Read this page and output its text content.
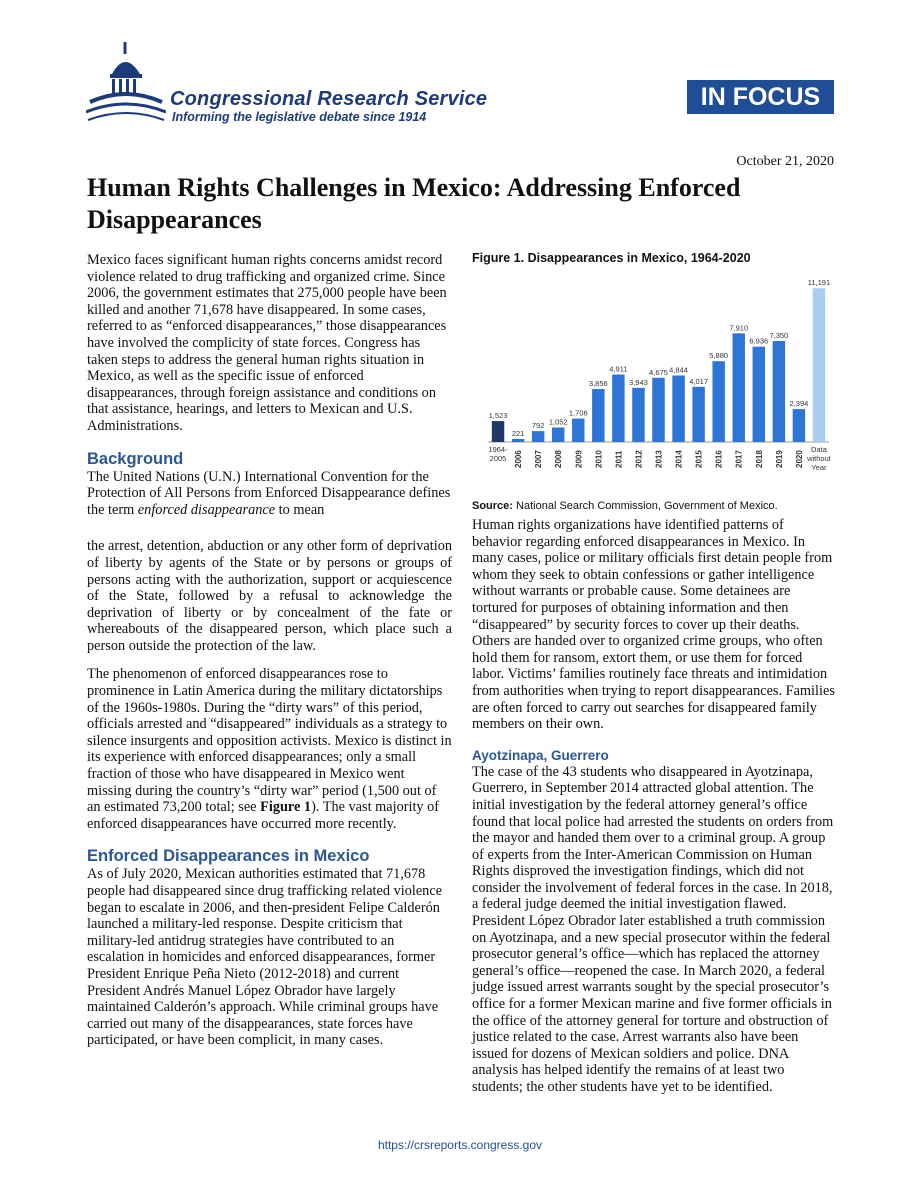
Congressional Research Service
Informing the legislative debate since 1914
IN FOCUS
October 21, 2020
Human Rights Challenges in Mexico: Addressing Enforced Disappearances

Mexico faces significant human rights concerns amidst record violence related to drug trafficking and organized crime. Since 2006, the government estimates that 275,000 people have been killed and another 71,678 have disappeared. In some cases, referred to as “enforced disappearances,” those disappearances have involved the complicity of state forces. Congress has taken steps to address the general human rights situation in Mexico, as well as the specific issue of enforced disappearances, through foreign assistance and conditions on that assistance, hearings, and letters to Mexican and U.S. Administrations.

Background

The United Nations (U.N.) International Convention for the Protection of All Persons from Enforced Disappearance defines the term enforced disappearance to mean

the arrest, detention, abduction or any other form of deprivation of liberty by agents of the State or by persons or groups of persons acting with the authorization, support or acquiescence of the State, followed by a refusal to acknowledge the deprivation of liberty or by concealment of the fate or whereabouts of the disappeared person, which place such a person outside the protection of the law.

The phenomenon of enforced disappearances rose to prominence in Latin America during the military dictatorships of the 1960s-1980s. During the “dirty wars” of this period, officials arrested and “disappeared” individuals as a strategy to silence insurgents and opposition activists. Mexico is distinct in its experience with enforced disappearances; only a small fraction of those who have disappeared in Mexico went missing during the country’s “dirty war” period (1,500 out of an estimated 73,200 total; see Figure 1). The vast majority of enforced disappearances have occurred more recently.

Enforced Disappearances in Mexico

As of July 2020, Mexican authorities estimated that 71,678 people had disappeared since drug trafficking related violence began to escalate in 2006, and then-president Felipe Calderón launched a military-led response. Despite criticism that military-led antidrug strategies have contributed to an escalation in homicides and enforced disappearances, former President Enrique Peña Nieto (2012-2018) and current President Andrés Manuel López Obrador have largely maintained Calderón’s approach. While criminal groups have carried out many of the disappearances, state forces have participated, or have been complicit, in many cases.

Figure 1. Disappearances in Mexico, 1964-2020
1,523
1964-
2005
221
2006
792
2007
1,052
2008
1,706
2009
3,856
2010
4,911
2011
3,943
2012
4,675
2013
4,844
2014
4,017
2015
5,880
2016
7,910
2017
6,936
2018
7,350
2019
2,394
2020
11,191
Data
without
Year
Source: National Search Commission, Government of Mexico.

Human rights organizations have identified patterns of behavior regarding enforced disappearances in Mexico. In many cases, police or military officials first detain people from whom they seek to obtain confessions or gather intelligence without warrants or probable cause. Some detainees are tortured for purposes of obtaining information and then “disappeared” by security forces to cover up their deaths. Others are handed over to organized crime groups, who often hold them for ransom, extort them, or use them for forced labor. Victims’ families routinely face threats and intimidation from authorities when trying to report disappearances. Families are often forced to carry out searches for disappeared family members on their own.

Ayotzinapa, Guerrero

The case of the 43 students who disappeared in Ayotzinapa, Guerrero, in September 2014 attracted global attention. The initial investigation by the federal attorney general’s office found that local police had arrested the students on orders from the mayor and handed them over to a criminal group. A group of experts from the Inter-American Commission on Human Rights disproved the investigation findings, which did not consider the involvement of federal forces in the case. In 2018, a federal judge deemed the initial investigation flawed. President López Obrador later established a truth commission on Ayotzinapa, and a new special prosecutor within the federal prosecutor general’s office—which has replaced the attorney general’s office—reopened the case. In March 2020, a federal judge issued arrest warrants sought by the special prosecutor’s office for a former Mexican marine and five former officials in the office of the attorney general for torture and obstruction of justice related to the case. Arrest warrants also have been issued for dozens of Mexican soldiers and police. DNA analysis has helped identify the remains of at least two students; the other students have yet to be identified.

https://crsreports.congress.gov
